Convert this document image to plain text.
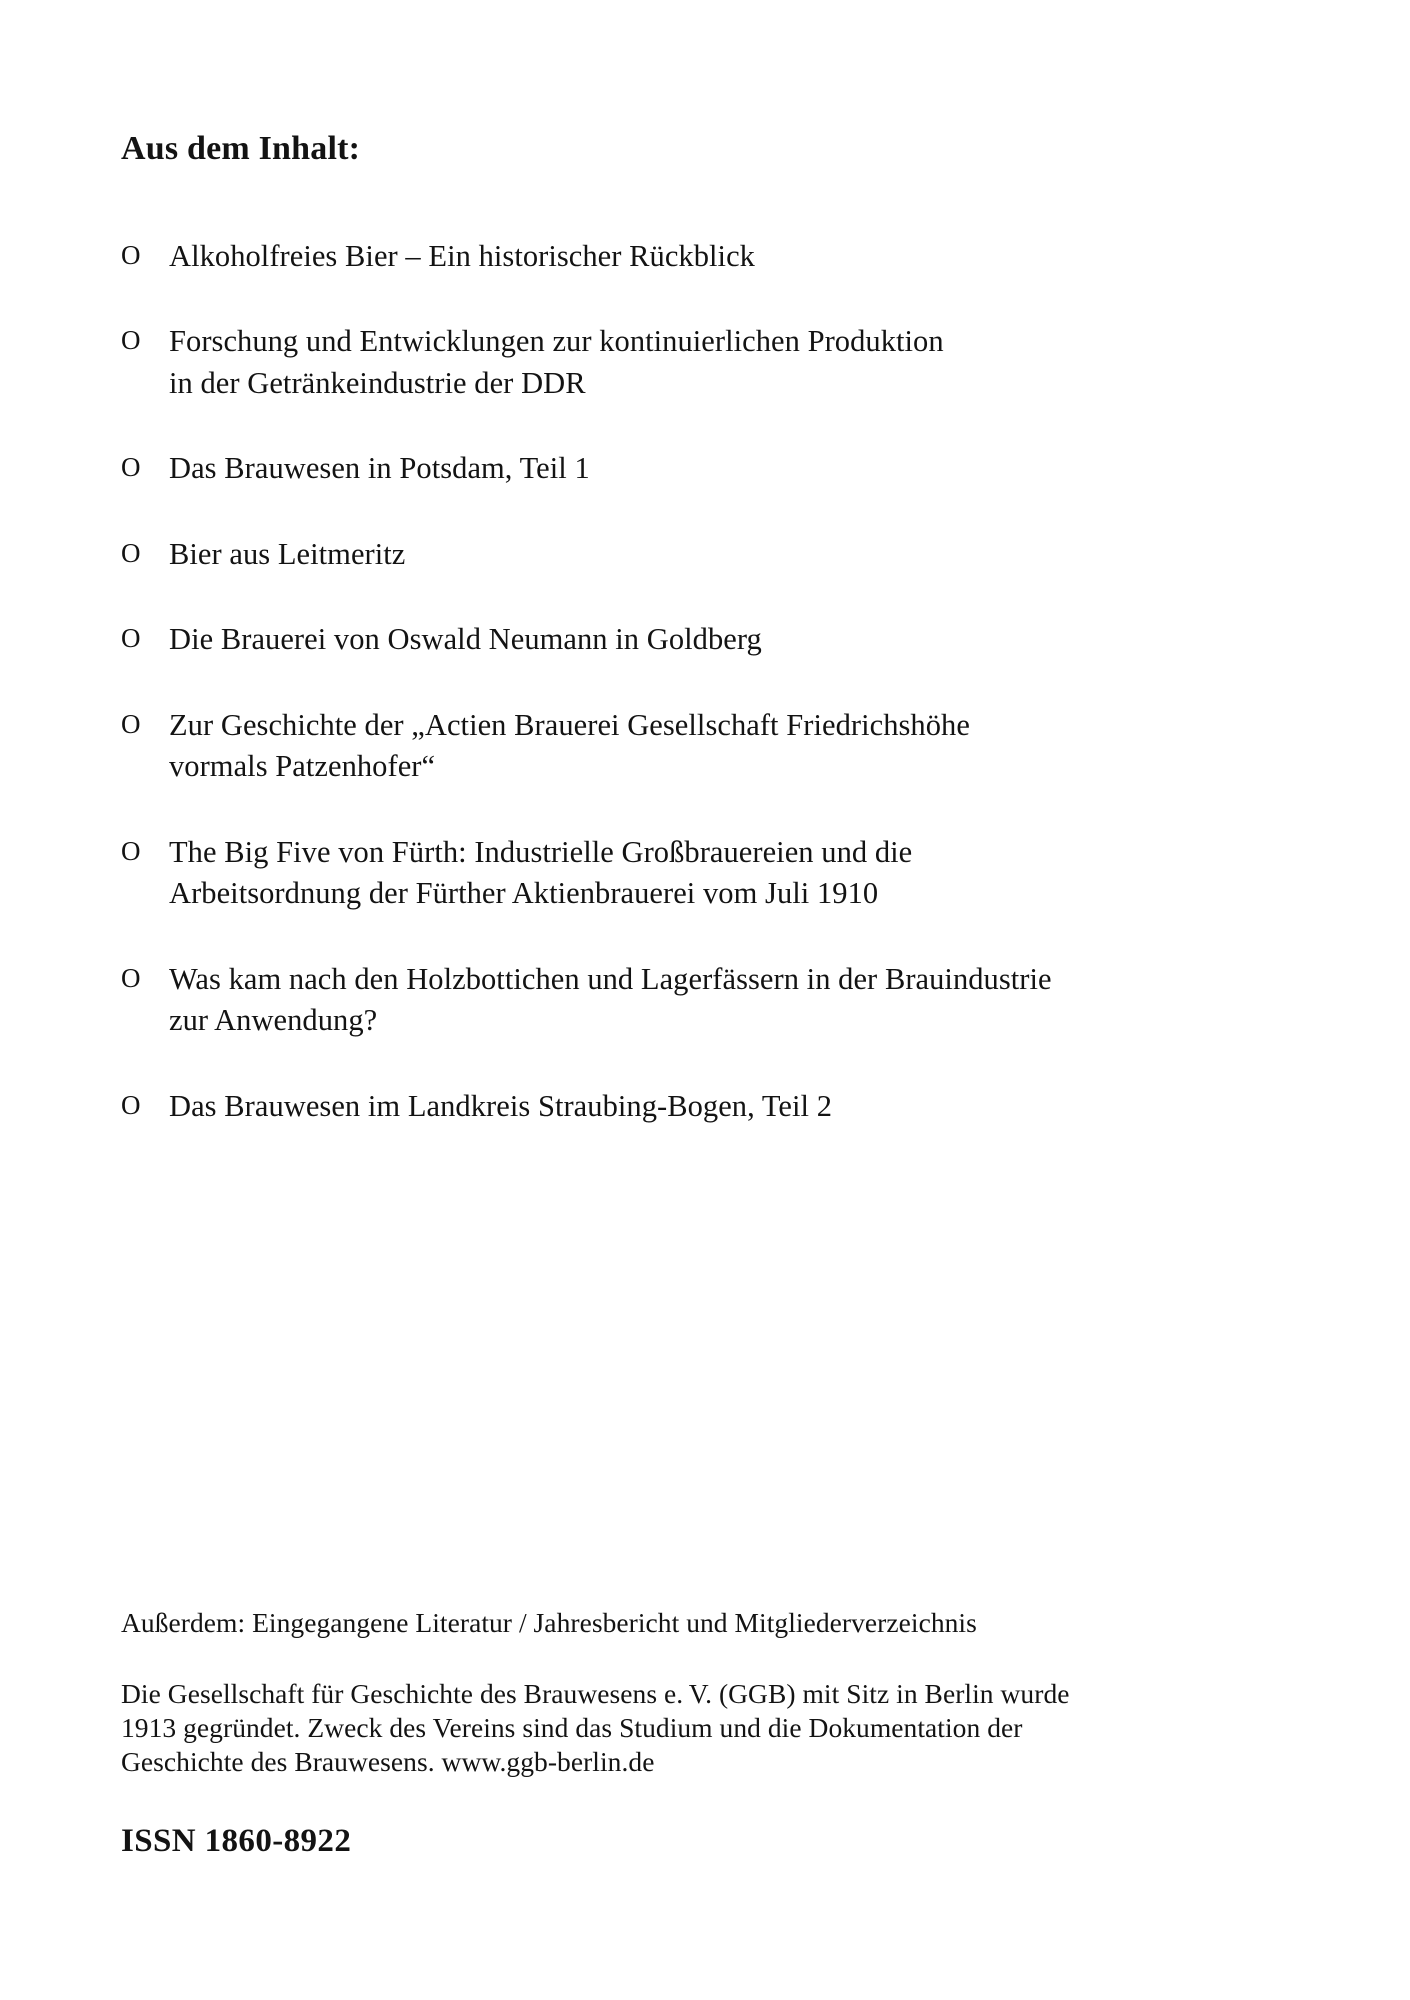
Aus dem Inhalt:
O Alkoholfreies Bier – Ein historischer Rückblick
O Forschung und Entwicklungen zur kontinuierlichen Produktion
in der Getränkeindustrie der DDR
O Das Brauwesen in Potsdam, Teil 1
O Bier aus Leitmeritz
O Die Brauerei von Oswald Neumann in Goldberg
O Zur Geschichte der „Actien Brauerei Gesellschaft Friedrichshöhe
vormals Patzenhofer“
O The Big Five von Fürth: Industrielle Großbrauereien und die
Arbeitsordnung der Fürther Aktienbrauerei vom Juli 1910
O Was kam nach den Holzbottichen und Lagerfässern in der Brauindustrie
zur Anwendung?
O Das Brauwesen im Landkreis Straubing-Bogen, Teil 2

Außerdem: Eingegangene Literatur / Jahresbericht und Mitgliederverzeichnis

Die Gesellschaft für Geschichte des Brauwesens e. V. (GGB) mit Sitz in Berlin wurde
1913 gegründet. Zweck des Vereins sind das Studium und die Dokumentation der
Geschichte des Brauwesens. www.ggb-berlin.de

ISSN 1860-8922
